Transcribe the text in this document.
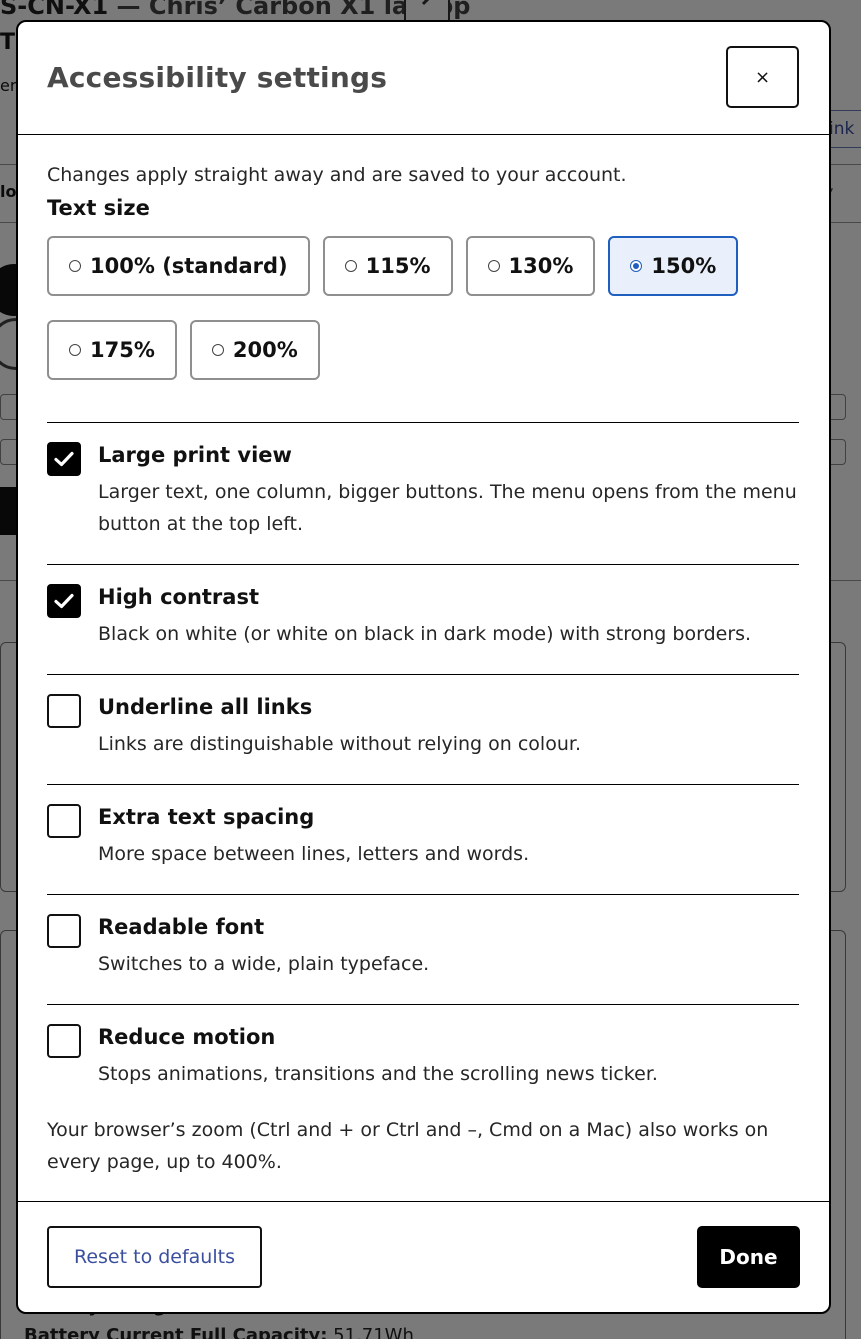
Accessibility settings	×

Changes apply straight away and are saved to your account.

Text size
100% (standard)	115%	130%	150%
175%	200%
Large print view
Larger text, one column, bigger buttons. The menu opens from the menu button at the top left.
High contrast
Black on white (or white on black in dark mode) with strong borders.
Underline all links
Links are distinguishable without relying on colour.
Extra text spacing
More space between lines, letters and words.
Readable font
Switches to a wide, plain typeface.
Reduce motion
Stops animations, transitions and the scrolling news ticker.

Your browser’s zoom (Ctrl and + or Ctrl and –, Cmd on a Mac) also works on every page, up to 400%.

Reset to defaults	Done
